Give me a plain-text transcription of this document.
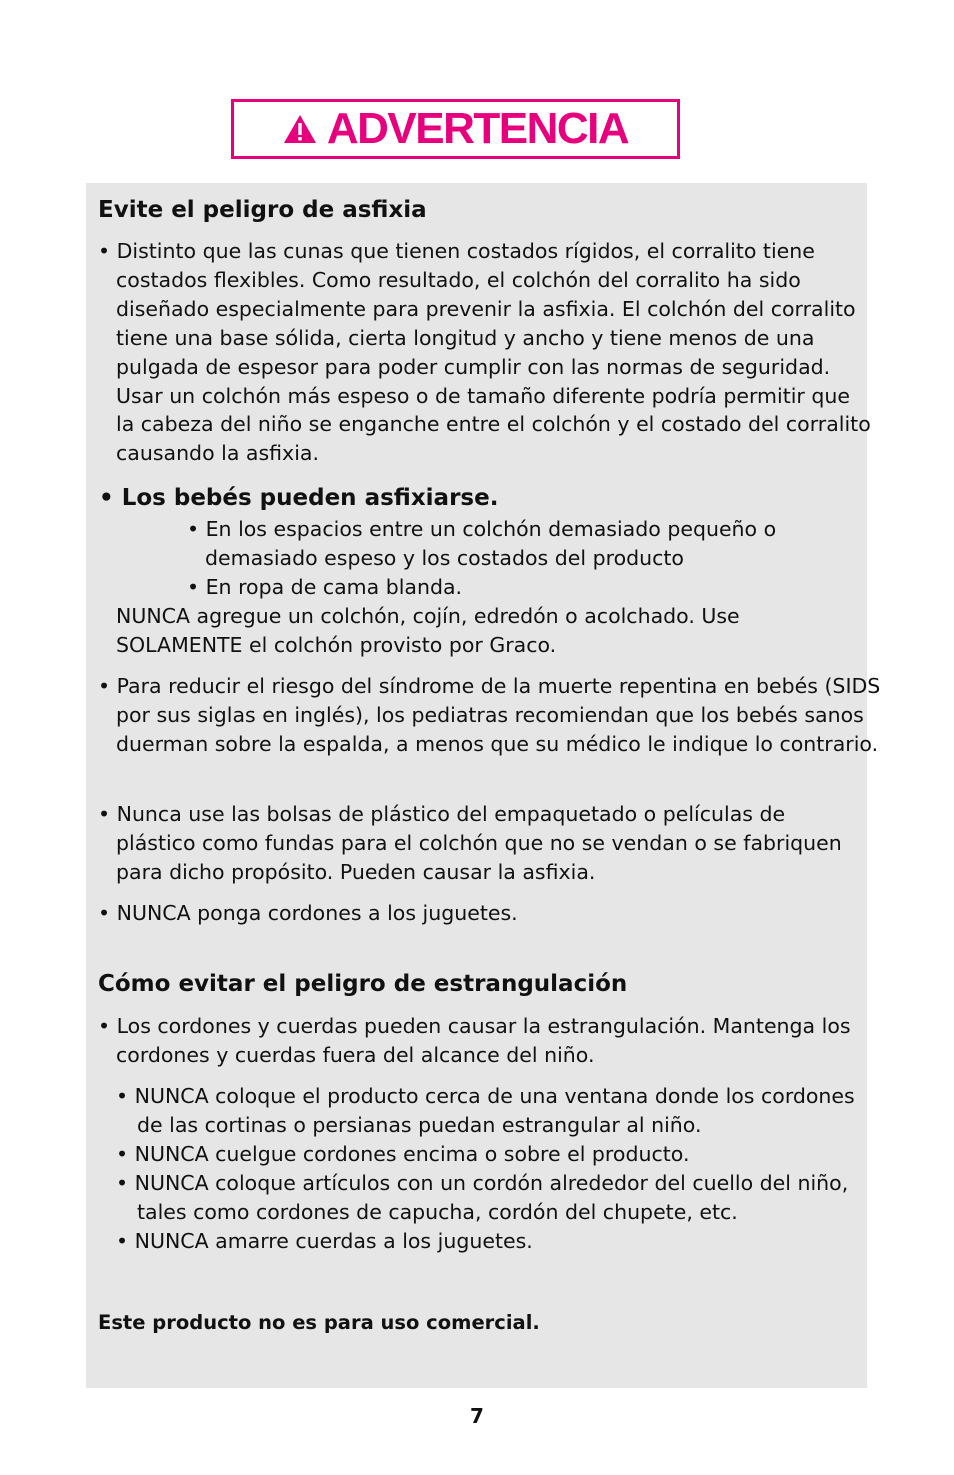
ADVERTENCIA
Evite el peligro de asfixia

• Distinto que las cunas que tienen costados rígidos, el corralito tiene costados flexibles. Como resultado, el colchón del corralito ha sido diseñado especialmente para prevenir la asfixia. El colchón del corralito tiene una base sólida, cierta longitud y ancho y tiene menos de una pulgada de espesor para poder cumplir con las normas de seguridad. Usar un colchón más espeso o de tamaño diferente podría permitir que la cabeza del niño se enganche entre el colchón y el costado del corralito causando la asfixia.

• Los bebés pueden asfixiarse.

• En los espacios entre un colchón demasiado pequeño o demasiado espeso y los costados del producto

• En ropa de cama blanda.

NUNCA agregue un colchón, cojín, edredón o acolchado. Use SOLAMENTE el colchón provisto por Graco.

• Para reducir el riesgo del síndrome de la muerte repentina en bebés (SIDS por sus siglas en inglés), los pediatras recomiendan que los bebés sanos duerman sobre la espalda, a menos que su médico le indique lo contrario.

• Nunca use las bolsas de plástico del empaquetado o películas de plástico como fundas para el colchón que no se vendan o se fabriquen para dicho propósito. Pueden causar la asfixia.

• NUNCA ponga cordones a los juguetes.

Cómo evitar el peligro de estrangulación

• Los cordones y cuerdas pueden causar la estrangulación. Mantenga los cordones y cuerdas fuera del alcance del niño.

• NUNCA coloque el producto cerca de una ventana donde los cordones de las cortinas o persianas puedan estrangular al niño.

• NUNCA cuelgue cordones encima o sobre el producto.

• NUNCA coloque artículos con un cordón alrededor del cuello del niño, tales como cordones de capucha, cordón del chupete, etc.

• NUNCA amarre cuerdas a los juguetes.

Este producto no es para uso comercial.

7
